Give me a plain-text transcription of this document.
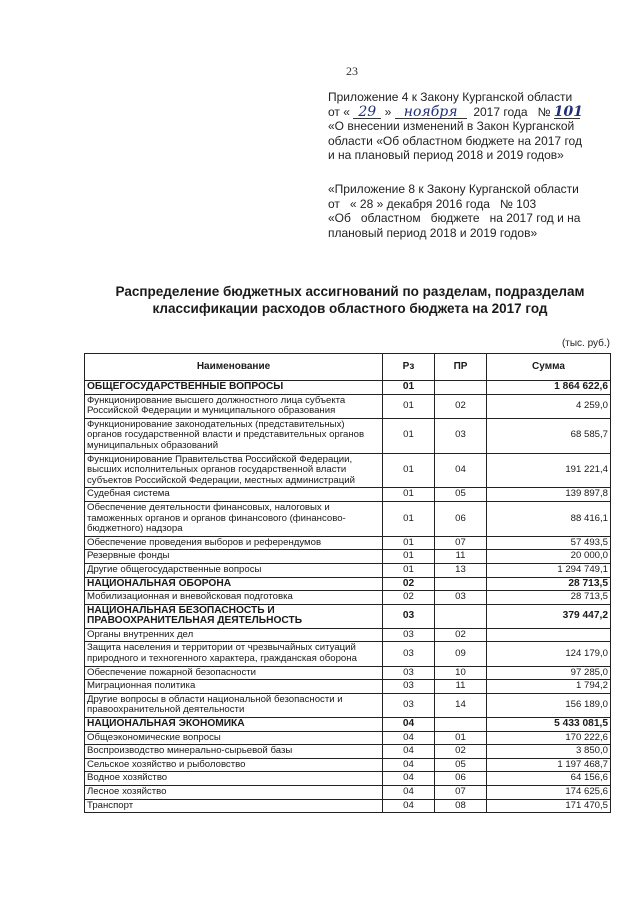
23
Приложение 4 к Закону Курганской области
от « 29 » ноября 2017 года № 101
«О внесении изменений в Закон Курганской
области «Об областном бюджете на 2017 год
и на плановый период 2018 и 2019 годов»
«Приложение 8 к Закону Курганской области
от   « 28 » декабря 2016 года   № 103
«Об   областном   бюджете   на 2017 год и на
плановый период 2018 и 2019 годов»
Распределение бюджетных ассигнований по разделам, подразделам
классификации расходов областного бюджета на 2017 год
(тыс. руб.)
Наименование	Рз	ПР	Сумма
ОБЩЕГОСУДАРСТВЕННЫЕ ВОПРОСЫ	01		1 864 622,6
Функционирование высшего должностного лица субъекта Российской Федерации и муниципального образования	01	02	4 259,0
Функционирование законодательных (представительных) органов государственной власти и представительных органов муниципальных образований	01	03	68 585,7
Функционирование Правительства Российской Федерации, высших исполнительных органов государственной власти субъектов Российской Федерации, местных администраций	01	04	191 221,4
Судебная система	01	05	139 897,8
Обеспечение деятельности финансовых, налоговых и таможенных органов и органов финансового (финансово-бюджетного) надзора	01	06	88 416,1
Обеспечение проведения выборов и референдумов	01	07	57 493,5
Резервные фонды	01	11	20 000,0
Другие общегосударственные вопросы	01	13	1 294 749,1
НАЦИОНАЛЬНАЯ ОБОРОНА	02		28 713,5
Мобилизационная и вневойсковая подготовка	02	03	28 713,5
НАЦИОНАЛЬНАЯ БЕЗОПАСНОСТЬ И ПРАВООХРАНИТЕЛЬНАЯ ДЕЯТЕЛЬНОСТЬ	03		379 447,2
Органы внутренних дел	03	02	
Защита населения и территории от чрезвычайных ситуаций природного и техногенного характера, гражданская оборона	03	09	124 179,0
Обеспечение пожарной безопасности	03	10	97 285,0
Миграционная политика	03	11	1 794,2
Другие вопросы в области национальной безопасности и правоохранительной деятельности	03	14	156 189,0
НАЦИОНАЛЬНАЯ ЭКОНОМИКА	04		5 433 081,5
Общеэкономические вопросы	04	01	170 222,6
Воспроизводство минерально-сырьевой базы	04	02	3 850,0
Сельское хозяйство и рыболовство	04	05	1 197 468,7
Водное хозяйство	04	06	64 156,6
Лесное хозяйство	04	07	174 625,6
Транспорт	04	08	171 470,5
